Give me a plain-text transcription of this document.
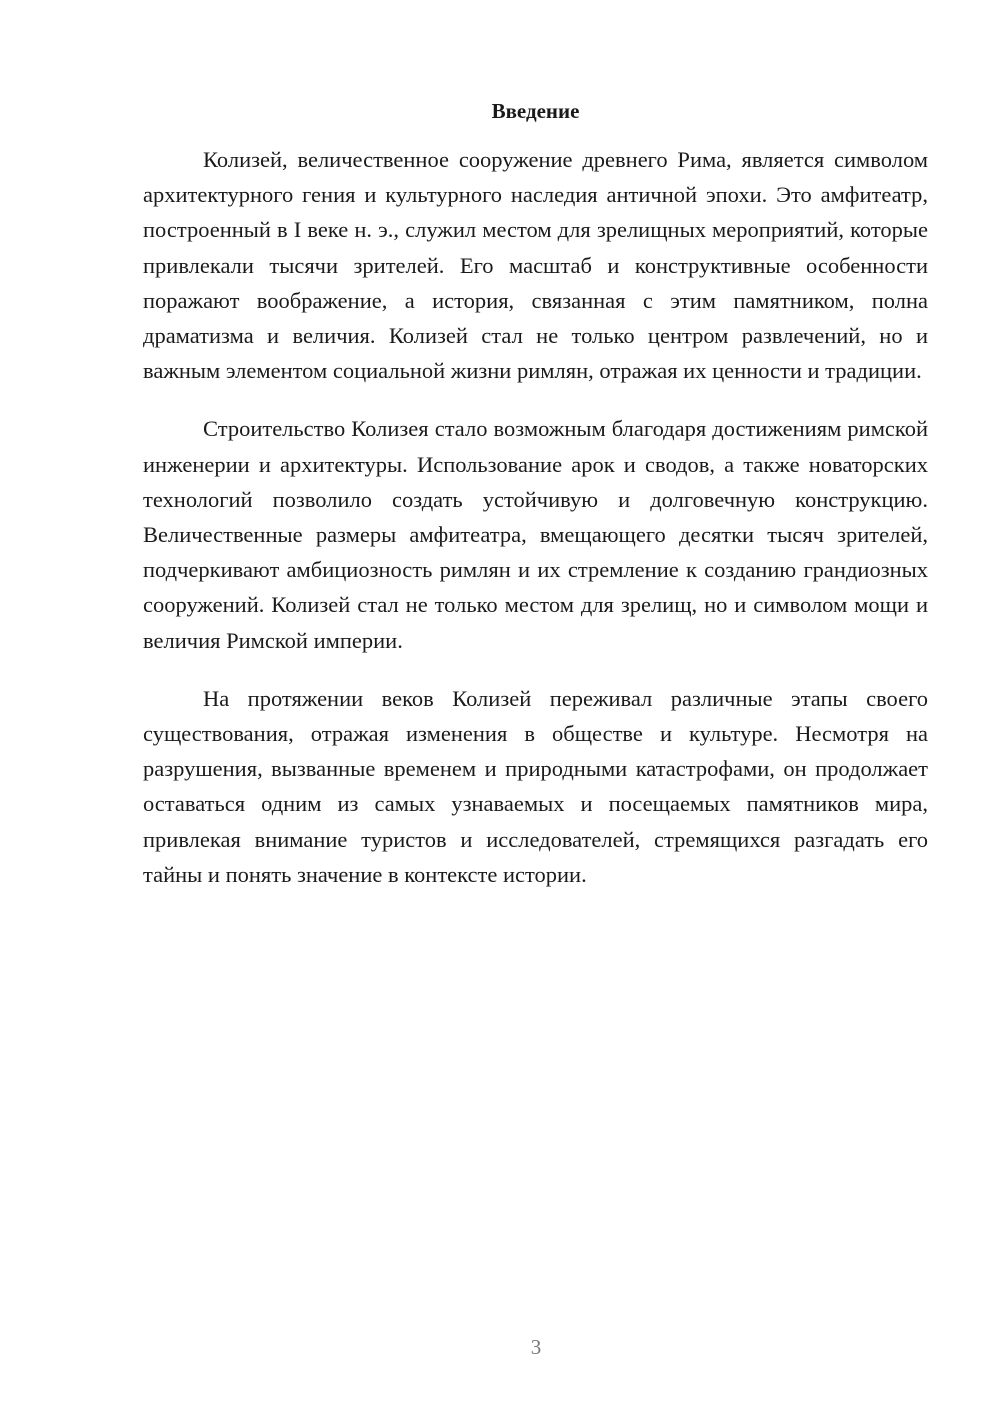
Введение

Колизей, величественное сооружение древнего Рима, является символом архитектурного гения и культурного наследия античной эпохи. Это амфитеатр, построенный в I веке н. э., служил местом для зрелищных мероприятий, которые привлекали тысячи зрителей. Его масштаб и конструктивные особенности поражают воображение, а история, связанная с этим памятником, полна драматизма и величия. Колизей стал не только центром развлечений, но и важным элементом социальной жизни римлян, отражая их ценности и традиции.

Строительство Колизея стало возможным благодаря достижениям римской инженерии и архитектуры. Использование арок и сводов, а также новаторских технологий позволило создать устойчивую и долговечную конструкцию. Величественные размеры амфитеатра, вмещающего десятки тысяч зрителей, подчеркивают амбициозность римлян и их стремление к созданию грандиозных сооружений. Колизей стал не только местом для зрелищ, но и символом мощи и величия Римской империи.

На протяжении веков Колизей переживал различные этапы своего существования, отражая изменения в обществе и культуре. Несмотря на разрушения, вызванные временем и природными катастрофами, он продолжает оставаться одним из самых узнаваемых и посещаемых памятников мира, привлекая внимание туристов и исследователей, стремящихся разгадать его тайны и понять значение в контексте истории.

3
